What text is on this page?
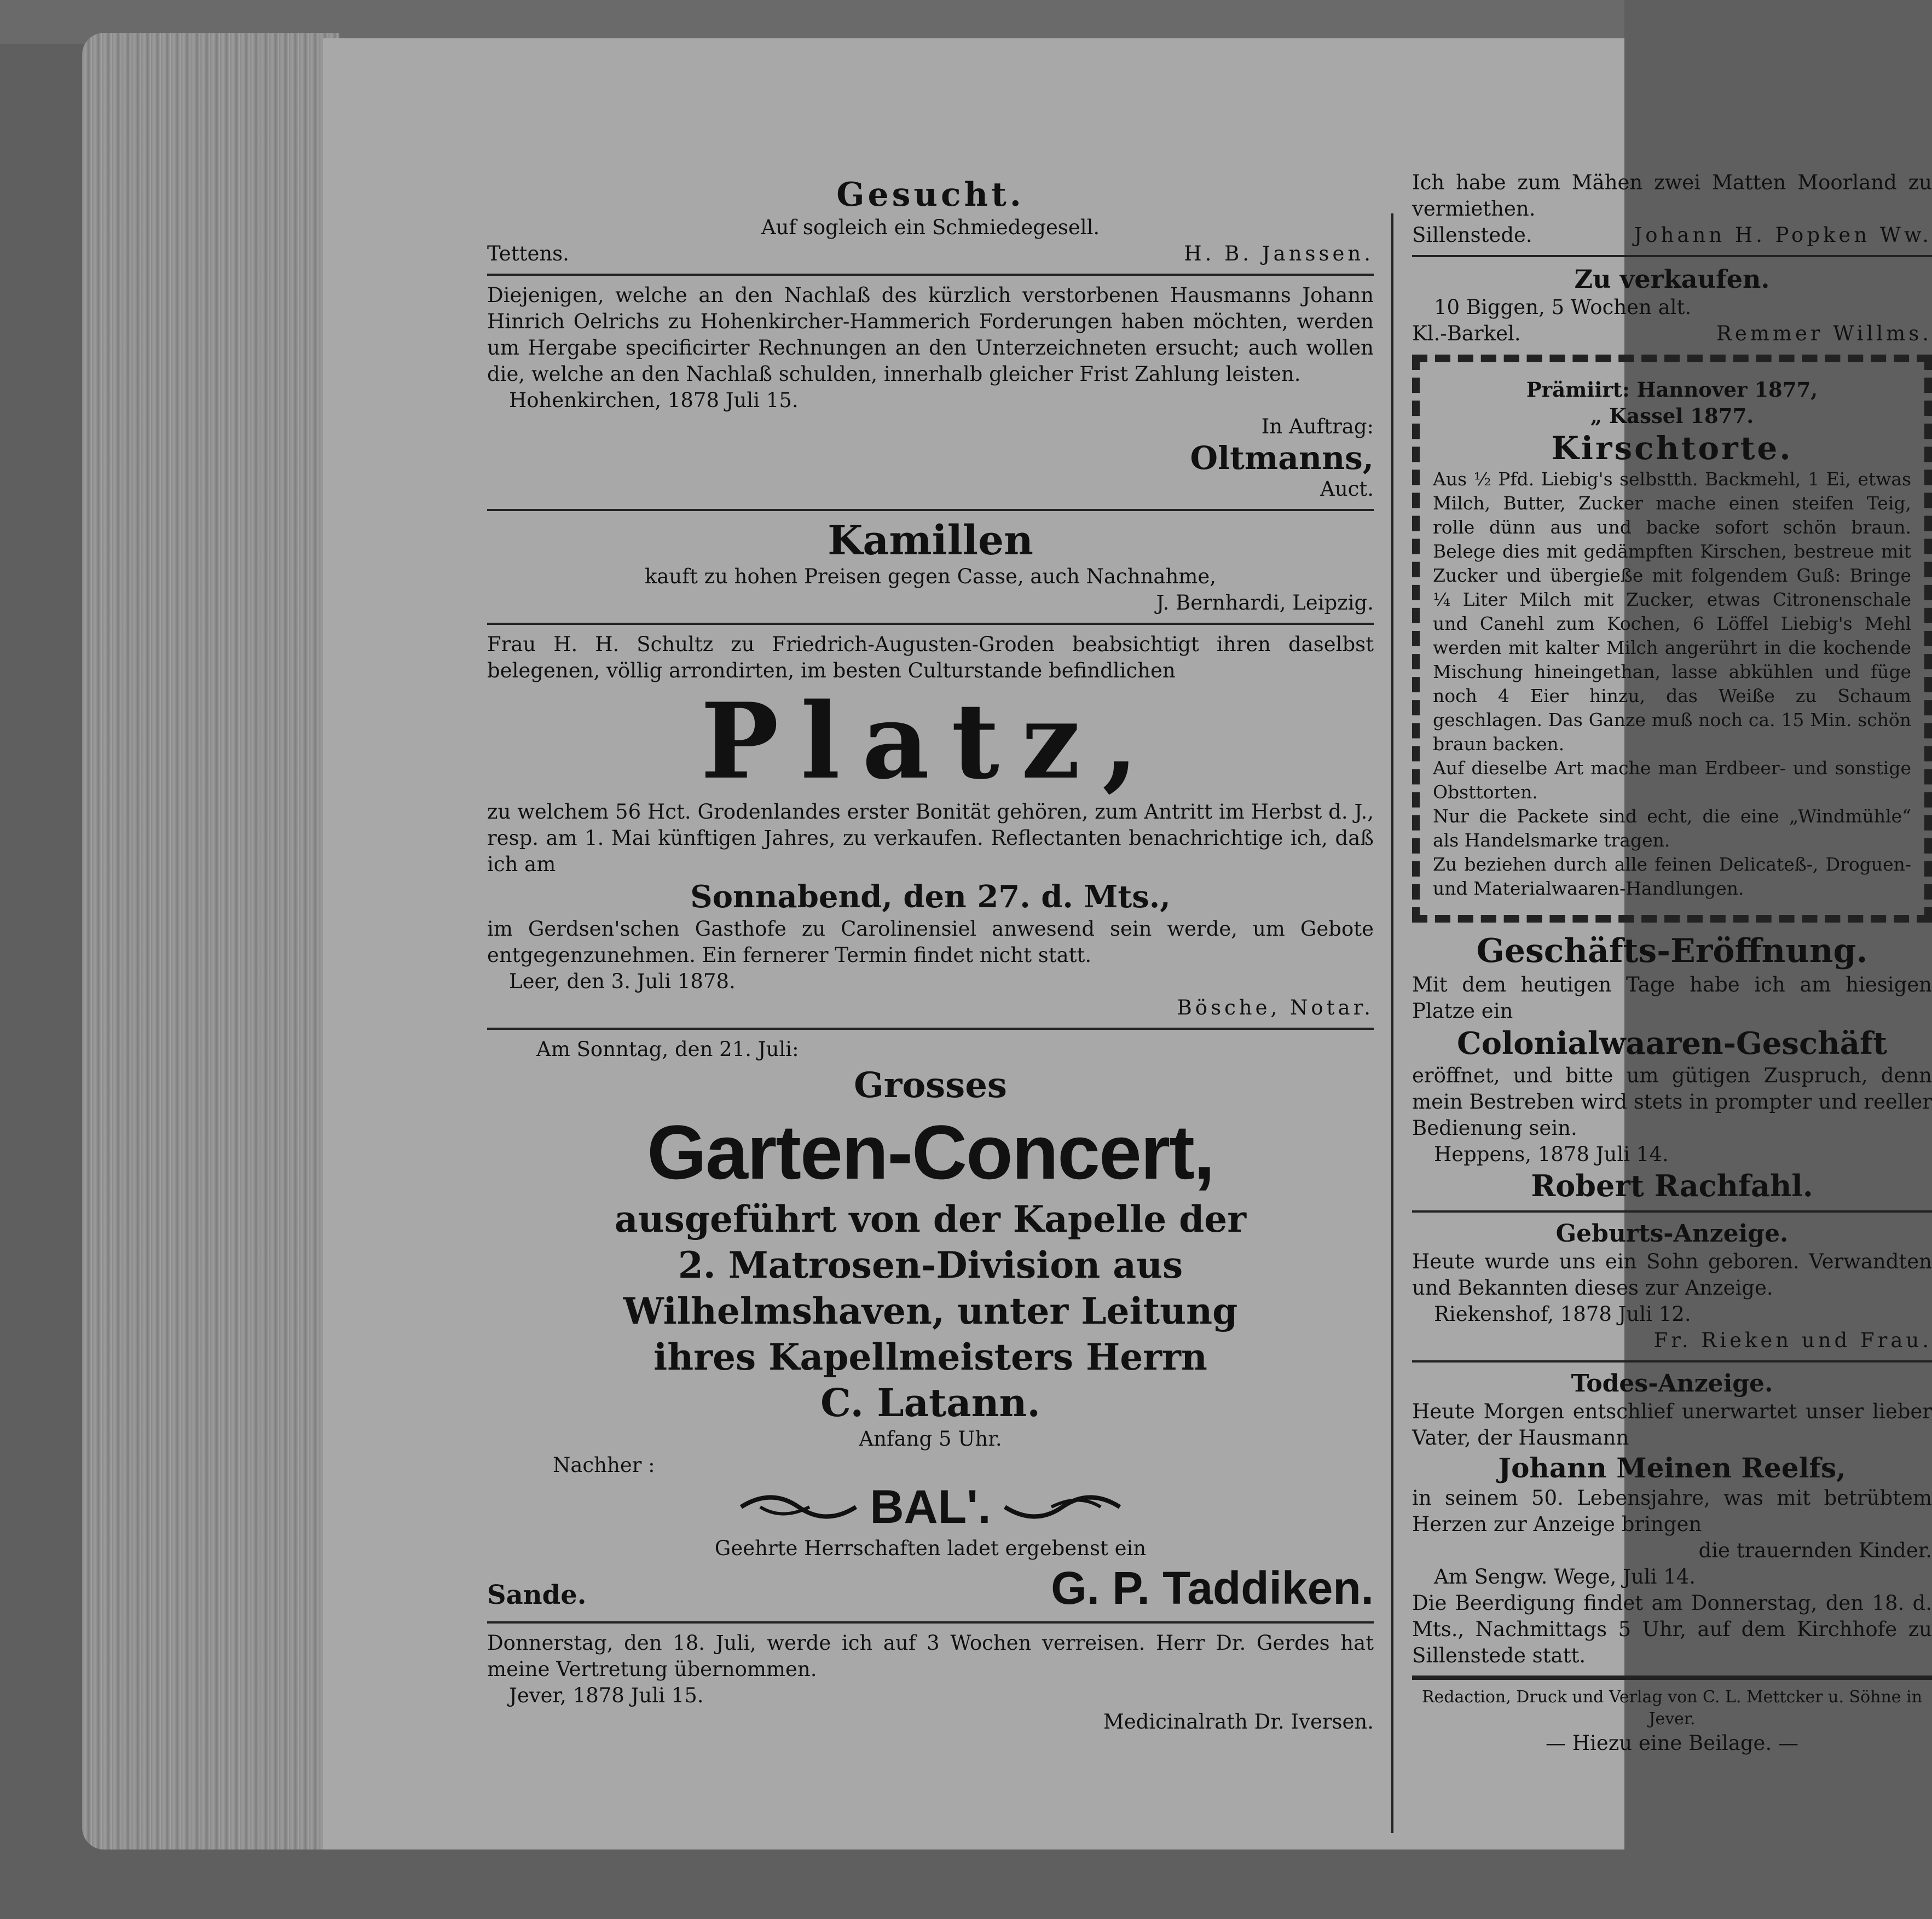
Gesucht.

Auf sogleich ein Schmiedegesell.

Tettens.	H. B. Janssen.

Diejenigen, welche an den Nachlaß des kürzlich verstorbenen Hausmanns Johann Hinrich Oelrichs zu Hohenkircher-Hammerich Forderungen haben möchten, werden um Hergabe specificirter Rechnungen an den Unterzeichneten ersucht; auch wollen die, welche an den Nachlaß schulden, innerhalb gleicher Frist Zahlung leisten.

Hohenkirchen, 1878 Juli 15.

In Auftrag:

Oltmanns,

Auct.

Kamillen

kauft zu hohen Preisen gegen Casse, auch Nachnahme,

J. Bernhardi, Leipzig.

Frau H. H. Schultz zu Friedrich-Augusten-Groden beabsichtigt ihren daselbst belegenen, völlig arrondirten, im besten Culturstande befindlichen

Platz,

zu welchem 56 Hct. Grodenlandes erster Bonität gehören, zum Antritt im Herbst d. J., resp. am 1. Mai künftigen Jahres, zu verkaufen. Reflectanten benachrichtige ich, daß ich am

Sonnabend, den 27. d. Mts.,

im Gerdsen'schen Gasthofe zu Carolinensiel anwesend sein werde, um Gebote entgegenzunehmen. Ein fernerer Termin findet nicht statt.

Leer, den 3. Juli 1878.

Bösche, Notar.

Am Sonntag, den 21. Juli:

Grosses

Garten-Concert,

ausgeführt von der Kapelle der

2. Matrosen-Division aus

Wilhelmshaven, unter Leitung

ihres Kapellmeisters Herrn

C. Latann.

Anfang 5 Uhr.

Nachher :

BAL'.

Geehrte Herrschaften ladet ergebenst ein

Sande.	G. P. Taddiken.

Donnerstag, den 18. Juli, werde ich auf 3 Wochen verreisen. Herr Dr. Gerdes hat meine Vertretung übernommen.

Jever, 1878 Juli 15.

Medicinalrath Dr. Iversen.

Ich habe zum Mähen zwei Matten Moorland zu vermiethen.

Sillenstede.	Johann H. Popken Ww.

Zu verkaufen.

10 Biggen, 5 Wochen alt.

Kl.-Barkel.	Remmer Willms.

Prämiirt: Hannover 1877,

„ Kassel 1877.

Kirschtorte.

Aus ½ Pfd. Liebig's selbstth. Backmehl, 1 Ei, etwas Milch, Butter, Zucker mache einen steifen Teig, rolle dünn aus und backe sofort schön braun. Belege dies mit gedämpften Kirschen, bestreue mit Zucker und übergieße mit folgendem Guß: Bringe ¼ Liter Milch mit Zucker, etwas Citronenschale und Canehl zum Kochen, 6 Löffel Liebig's Mehl werden mit kalter Milch angerührt in die kochende Mischung hineingethan, lasse abkühlen und füge noch 4 Eier hinzu, das Weiße zu Schaum geschlagen. Das Ganze muß noch ca. 15 Min. schön braun backen.

Auf dieselbe Art mache man Erdbeer- und sonstige Obsttorten.

Nur die Packete sind echt, die eine „Windmühle“ als Handelsmarke tragen.

Zu beziehen durch alle feinen Delicateß-, Droguen- und Materialwaaren-Handlungen.

Geschäfts-Eröffnung.

Mit dem heutigen Tage habe ich am hiesigen Platze ein

Colonialwaaren-Geschäft

eröffnet, und bitte um gütigen Zuspruch, denn mein Bestreben wird stets in prompter und reeller Bedienung sein.

Heppens, 1878 Juli 14.

Robert Rachfahl.

Geburts-Anzeige.

Heute wurde uns ein Sohn geboren. Verwandten und Bekannten dieses zur Anzeige.

Riekenshof, 1878 Juli 12.

Fr. Rieken und Frau.

Todes-Anzeige.

Heute Morgen entschlief unerwartet unser lieber Vater, der Hausmann

Johann Meinen Reelfs,

in seinem 50. Lebensjahre, was mit betrübtem Herzen zur Anzeige bringen

die trauernden Kinder.

Am Sengw. Wege, Juli 14.

Die Beerdigung findet am Donnerstag, den 18. d. Mts., Nachmittags 5 Uhr, auf dem Kirchhofe zu Sillenstede statt.

Redaction, Druck und Verlag von C. L. Mettcker u. Söhne in Jever.

— Hiezu eine Beilage. —
